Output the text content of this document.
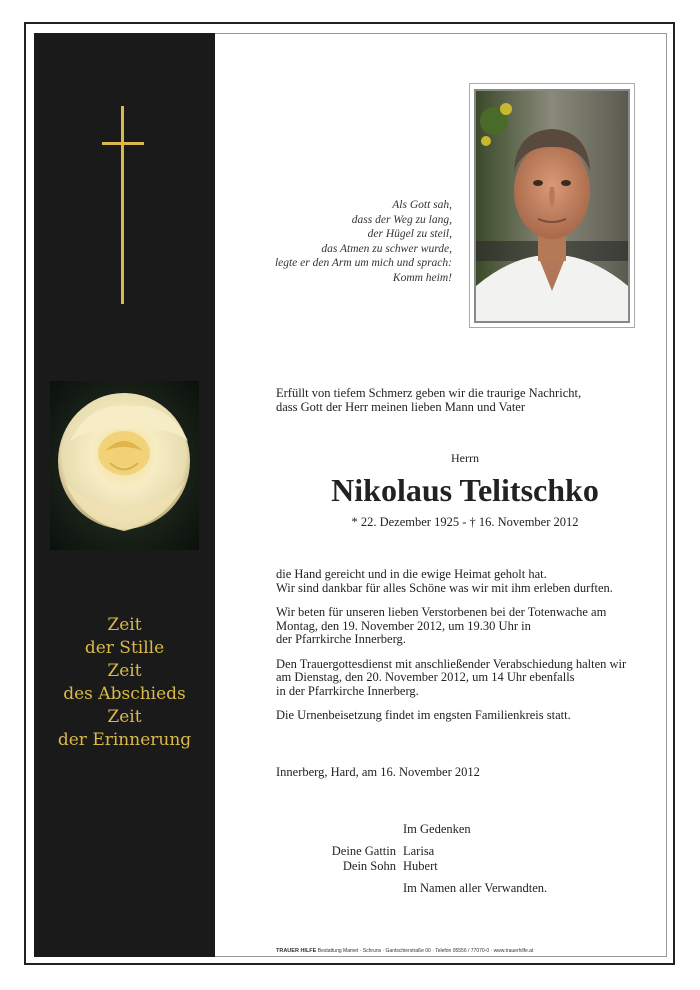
Zeit
der Stille
Zeit
des Abschieds
Zeit
der Erinnerung
Als Gott sah,
dass der Weg zu lang,
der Hügel zu steil,
das Atmen zu schwer wurde,
legte er den Arm um mich und sprach:
Komm heim!
Erfüllt von tiefem Schmerz geben wir die traurige Nachricht,
dass Gott der Herr meinen lieben Mann und Vater
Herrn
Nikolaus Telitschko
* 22. Dezember 1925 - † 16. November 2012

die Hand gereicht und in die ewige Heimat geholt hat.
Wir sind dankbar für alles Schöne was wir mit ihm erleben durften.

Wir beten für unseren lieben Verstorbenen bei der Totenwache am
Montag, den 19. November 2012, um 19.30 Uhr in
der Pfarrkirche Innerberg.

Den Trauergottesdienst mit anschließender Verabschiedung halten wir
am Dienstag, den 20. November 2012, um 14 Uhr ebenfalls
in der Pfarrkirche Innerberg.

Die Urnenbeisetzung findet im engsten Familienkreis statt.

Innerberg, Hard, am 16. November 2012
Im Gedenken
Deine Gattin Larisa
Dein Sohn Hubert
Im Namen aller Verwandten.
TRAUER HILFE Bestattung Mamet · Schruns · Gantschierstraße 00 · Telefon 05556 / 77070-0 · www.trauerhilfe.at
